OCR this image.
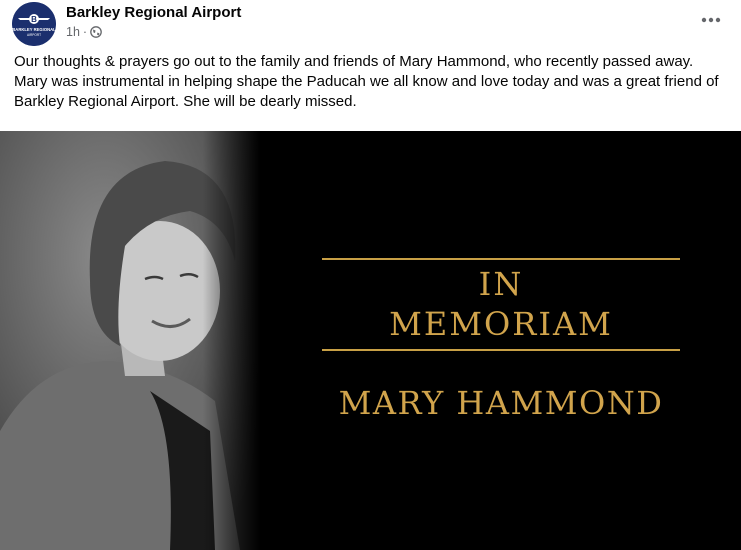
B
BARKLEY REGIONAL
AIRPORT
Barkley Regional Airport
1h ·
Our thoughts & prayers go out to the family and friends of Mary Hammond, who recently passed away. Mary was instrumental in helping shape the Paducah we all know and love today and was a great friend of Barkley Regional Airport. She will be dearly missed.
IN
MEMORIAM
MARY HAMMOND
